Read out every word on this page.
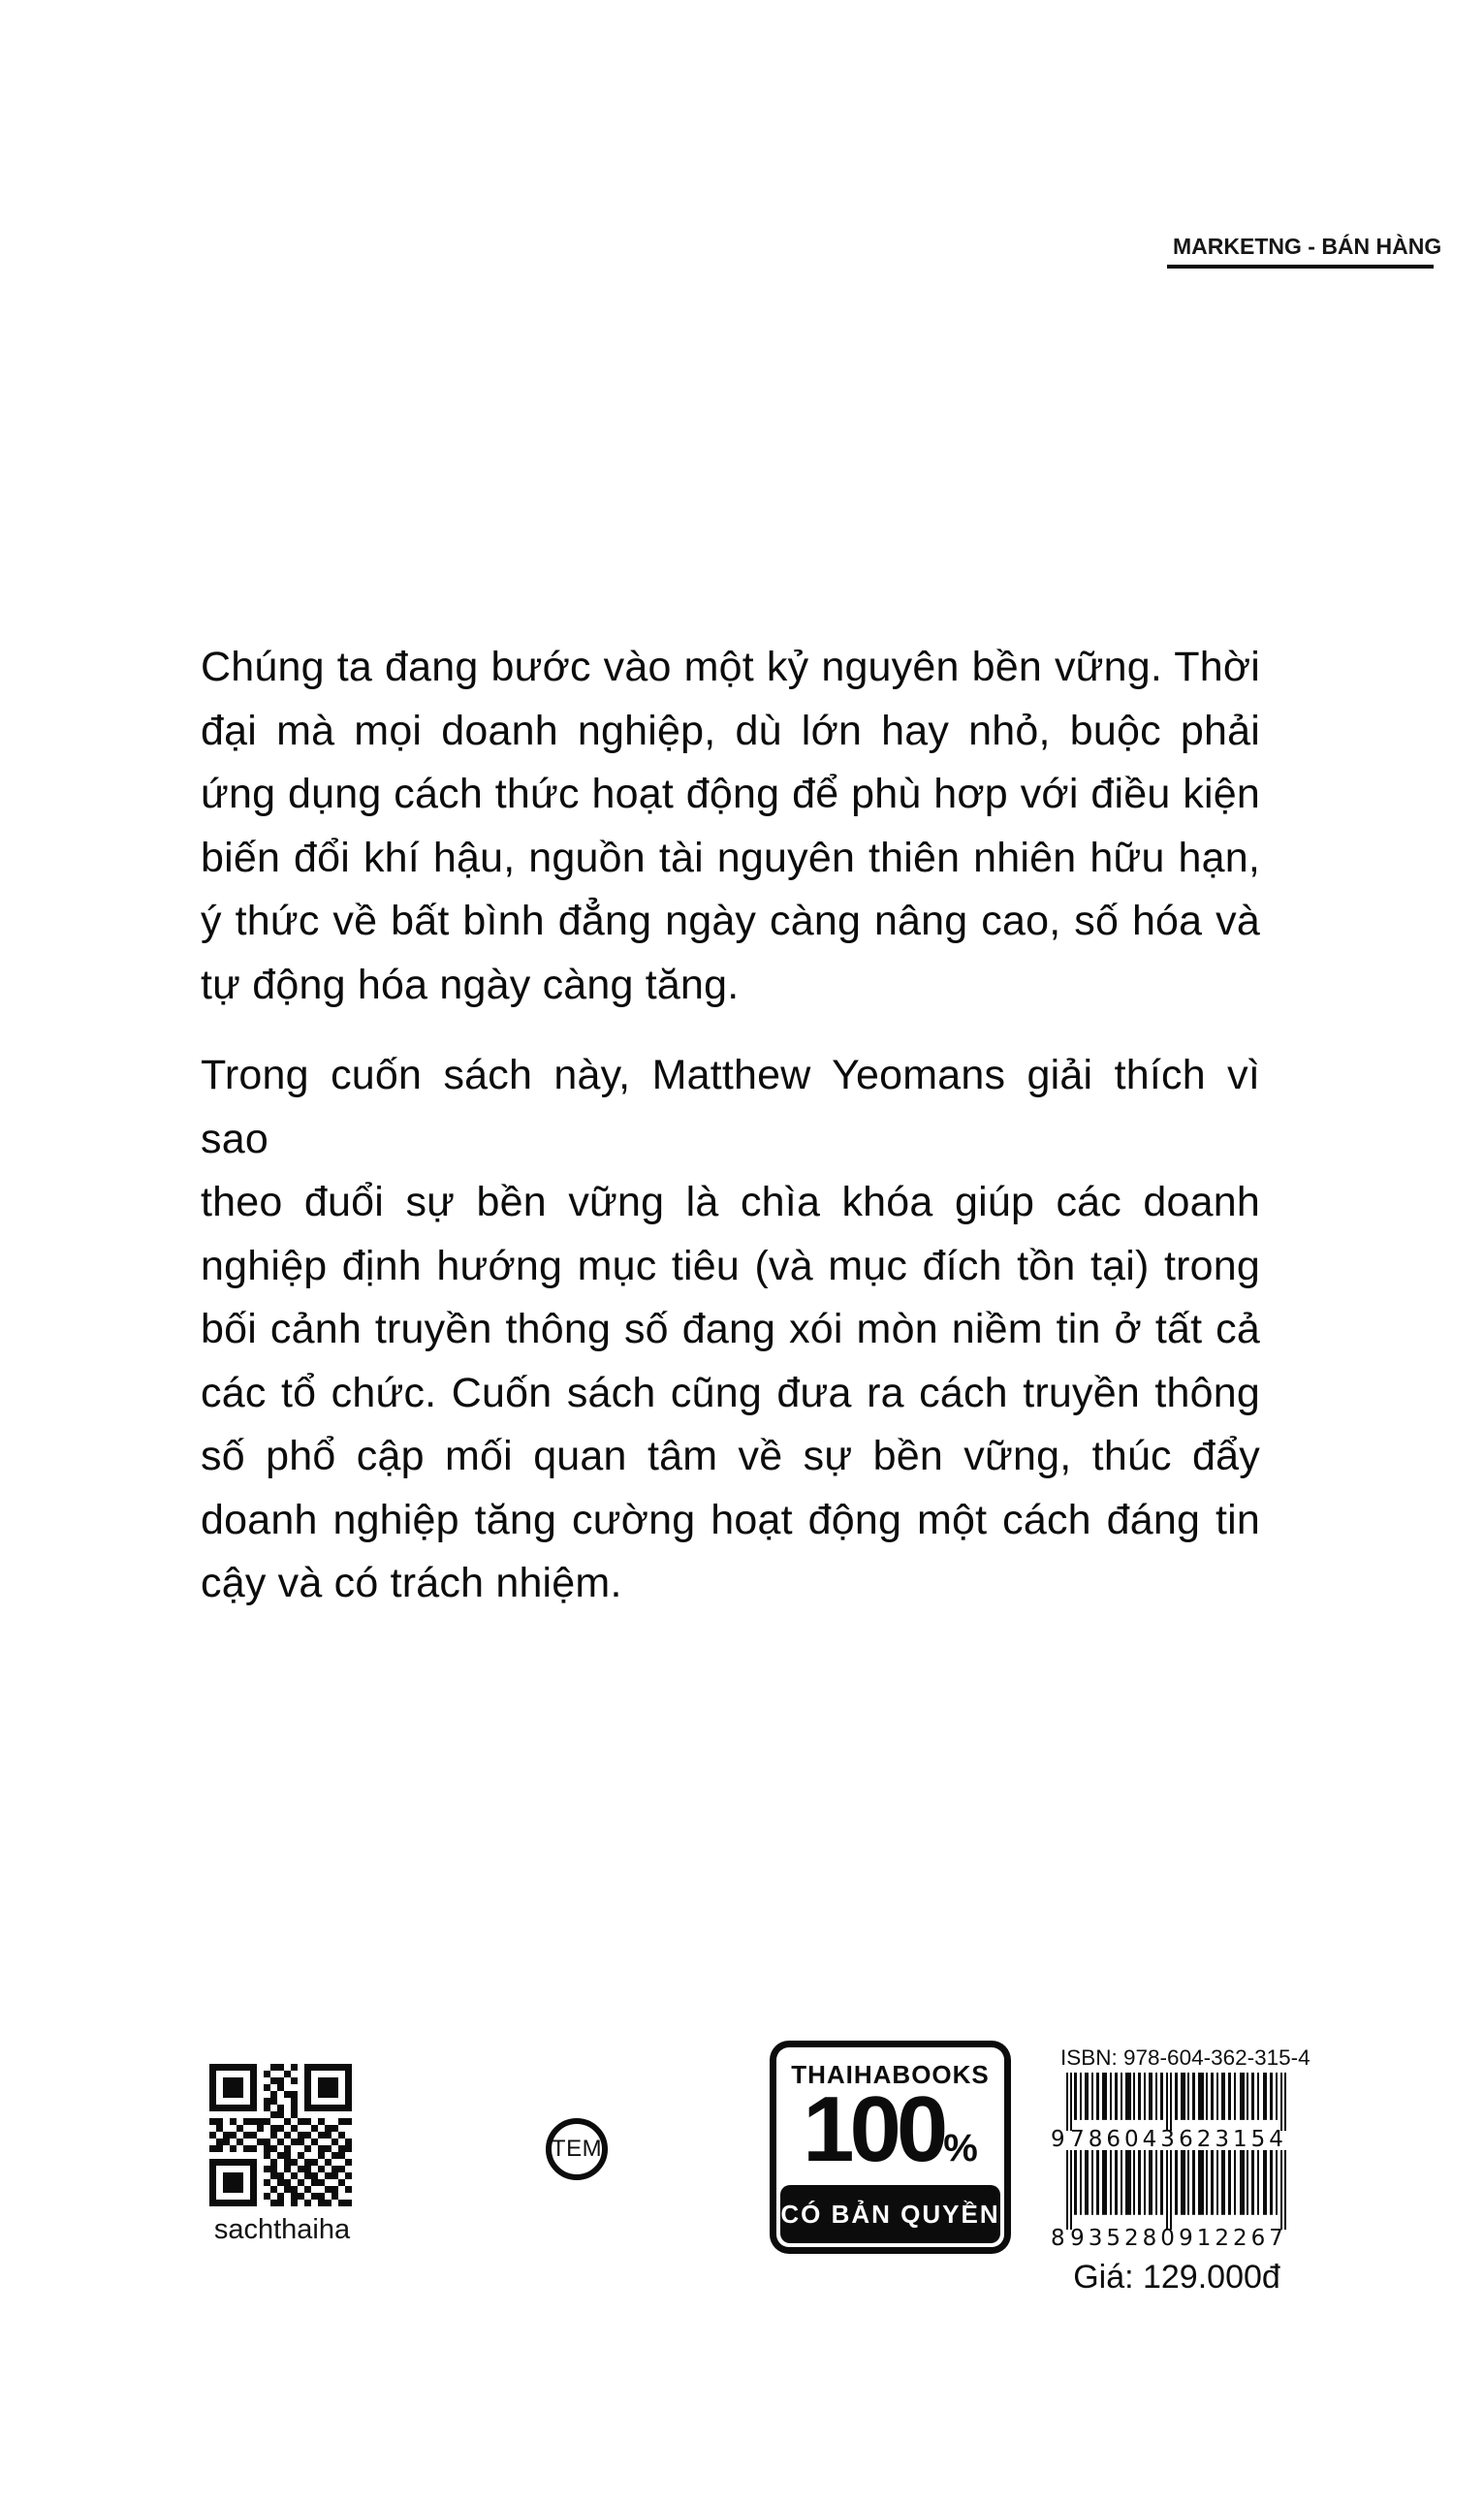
MARKETNG - BÁN HÀNG
Chúng ta đang bước vào một kỷ nguyên bền vững. Thời
đại mà mọi doanh nghiệp, dù lớn hay nhỏ, buộc phải
ứng dụng cách thức hoạt động để phù hơp với điều kiện
biến đổi khí hậu, nguồn tài nguyên thiên nhiên hữu hạn,
ý thức về bất bình đẳng ngày càng nâng cao, số hóa và
tự động hóa ngày càng tăng.
Trong cuốn sách này, Matthew Yeomans giải thích vì sao
theo đuổi sự bền vững là chìa khóa giúp các doanh
nghiệp định hướng mục tiêu (và mục đích tồn tại) trong
bối cảnh truyền thông số đang xói mòn niềm tin ở tất cả
các tổ chức. Cuốn sách cũng đưa ra cách truyền thông
số phổ cập mối quan tâm về sự bền vững, thúc đẩy
doanh nghiệp tăng cường hoạt động một cách đáng tin
cậy và có trách nhiệm.
sachthaiha
TEM
THAIHABOOKS
100%
CÓ BẢN QUYỀN
ISBN: 978-604-362-315-4
9 786043 623154
8 935280 912267
Giá: 129.000đ
